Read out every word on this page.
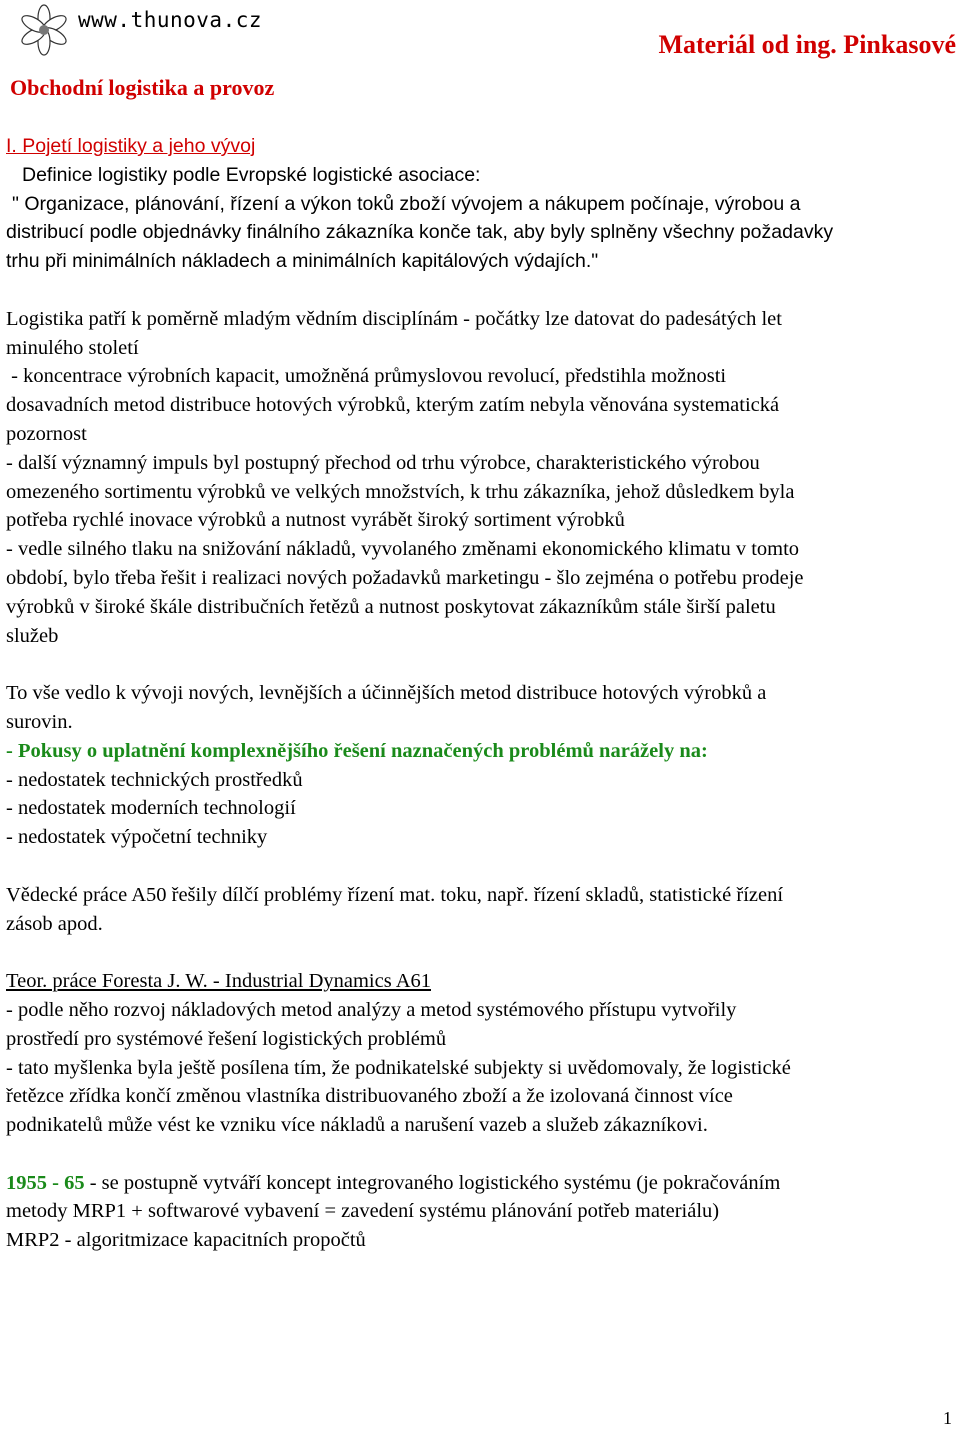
www.thunova.cz
Materiál od ing. Pinkasové
Obchodní logistika a provoz

I. Pojetí logistiky a jeho vývoj

Definice logistiky podle Evropské logistické asociace:

" Organizace, plánování, řízení a výkon toků zboží vývojem a nákupem počínaje, výrobou a

distribucí podle objednávky finálního zákazníka konče tak, aby byly splněny všechny požadavky

trhu při minimálních nákladech a minimálních kapitálových výdajích."

Logistika patří k poměrně mladým vědním disciplínám - počátky lze datovat do padesátých let

minulého století

- koncentrace výrobních kapacit, umožněná průmyslovou revolucí, předstihla možnosti

dosavadních metod distribuce hotových výrobků, kterým zatím nebyla věnována systematická

pozornost

- další významný impuls byl postupný přechod od trhu výrobce, charakteristického výrobou

omezeného sortimentu výrobků ve velkých množstvích, k trhu zákazníka, jehož důsledkem byla

potřeba rychlé inovace výrobků a nutnost vyrábět široký sortiment výrobků

- vedle silného tlaku na snižování nákladů, vyvolaného změnami ekonomického klimatu v tomto

období, bylo třeba řešit i realizaci nových požadavků marketingu - šlo zejména o potřebu prodeje

výrobků v široké škále distribučních řetězů a nutnost poskytovat zákazníkům stále širší paletu

služeb

To vše vedlo k vývoji nových, levnějších a účinnějších metod distribuce hotových výrobků a

surovin.

- Pokusy o uplatnění komplexnějšího řešení naznačených problémů narážely na:

- nedostatek technických prostředků

- nedostatek moderních technologií

- nedostatek výpočetní techniky

Vědecké práce A50 řešily dílčí problémy řízení mat. toku, např. řízení skladů, statistické řízení

zásob apod.

Teor. práce Foresta J. W. - Industrial Dynamics A61

- podle něho rozvoj nákladových metod analýzy a metod systémového přístupu vytvořily

prostředí pro systémové řešení logistických problémů

- tato myšlenka byla ještě posílena tím, že podnikatelské subjekty si uvědomovaly, že logistické

řetězce zřídka končí změnou vlastníka distribuovaného zboží a že izolovaná činnost více

podnikatelů může vést ke vzniku více nákladů a narušení vazeb a služeb zákazníkovi.

1955 - 65 - se postupně vytváří koncept integrovaného logistického systému (je pokračováním

metody MRP1 + softwarové vybavení = zavedení systému plánování potřeb materiálu)

MRP2 - algoritmizace kapacitních propočtů

1
